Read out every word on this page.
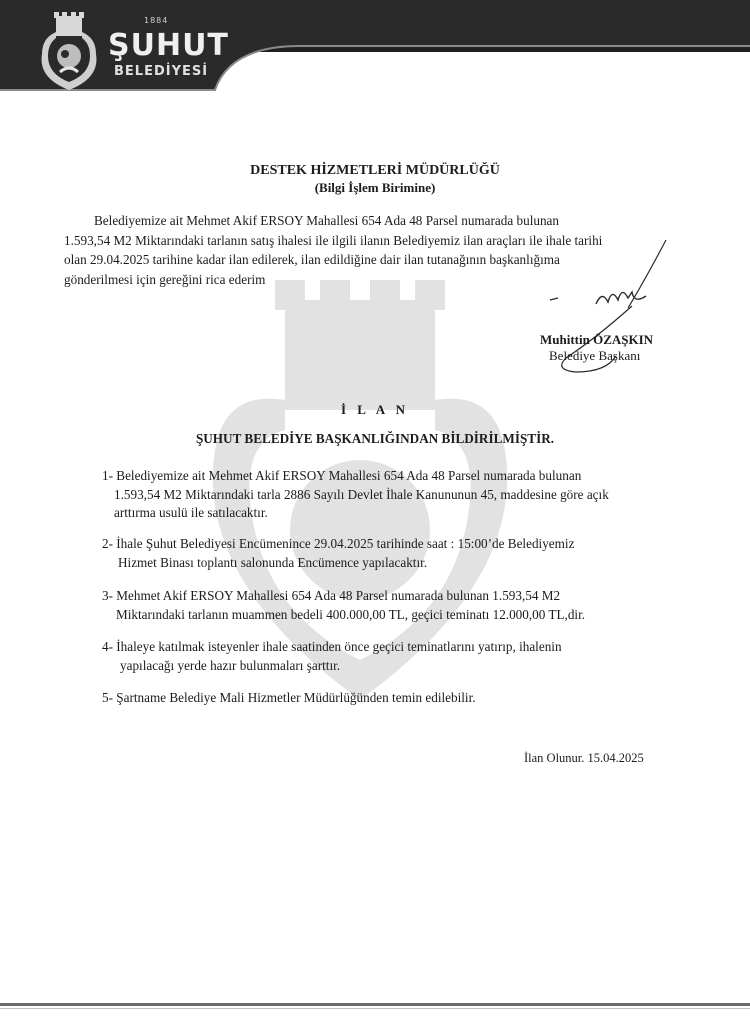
1884
ŞUHUT
BELEDİYESİ
DESTEK HİZMETLERİ MÜDÜRLÜĞÜ
(Bilgi İşlem Birimine)
Belediyemize ait Mehmet Akif ERSOY Mahallesi 654 Ada 48 Parsel numarada bulunan
1.593,54 M2 Miktarındaki tarlanın satış ihalesi ile ilgili ilanın Belediyemiz ilan araçları ile ihale tarihi
olan 29.04.2025 tarihine kadar ilan edilerek, ilan edildiğine dair ilan tutanağının başkanlığıma
gönderilmesi için gereğini rica ederim
Muhittin ÖZAŞKIN
Belediye Başkanı
İ L A N
ŞUHUT BELEDİYE BAŞKANLIĞINDAN BİLDİRİLMİŞTİR.
1- Belediyemize ait Mehmet Akif ERSOY Mahallesi 654 Ada 48 Parsel numarada bulunan
1.593,54 M2 Miktarındaki tarla 2886 Sayılı Devlet İhale Kanununun 45, maddesine göre açık
arttırma usulü ile satılacaktır.
2- İhale Şuhut Belediyesi Encümenince 29.04.2025 tarihinde saat : 15:00’de Belediyemiz
Hizmet Binası toplantı salonunda Encümence yapılacaktır.
3- Mehmet Akif ERSOY Mahallesi 654 Ada 48 Parsel numarada bulunan 1.593,54 M2
Miktarındaki tarlanın muammen bedeli 400.000,00 TL, geçici teminatı 12.000,00 TL,dir.
4- İhaleye katılmak isteyenler ihale saatinden önce geçici teminatlarını yatırıp, ihalenin
yapılacağı yerde hazır bulunmaları şarttır.
5- Şartname Belediye Mali Hizmetler Müdürlüğünden temin edilebilir.
İlan Olunur. 15.04.2025
